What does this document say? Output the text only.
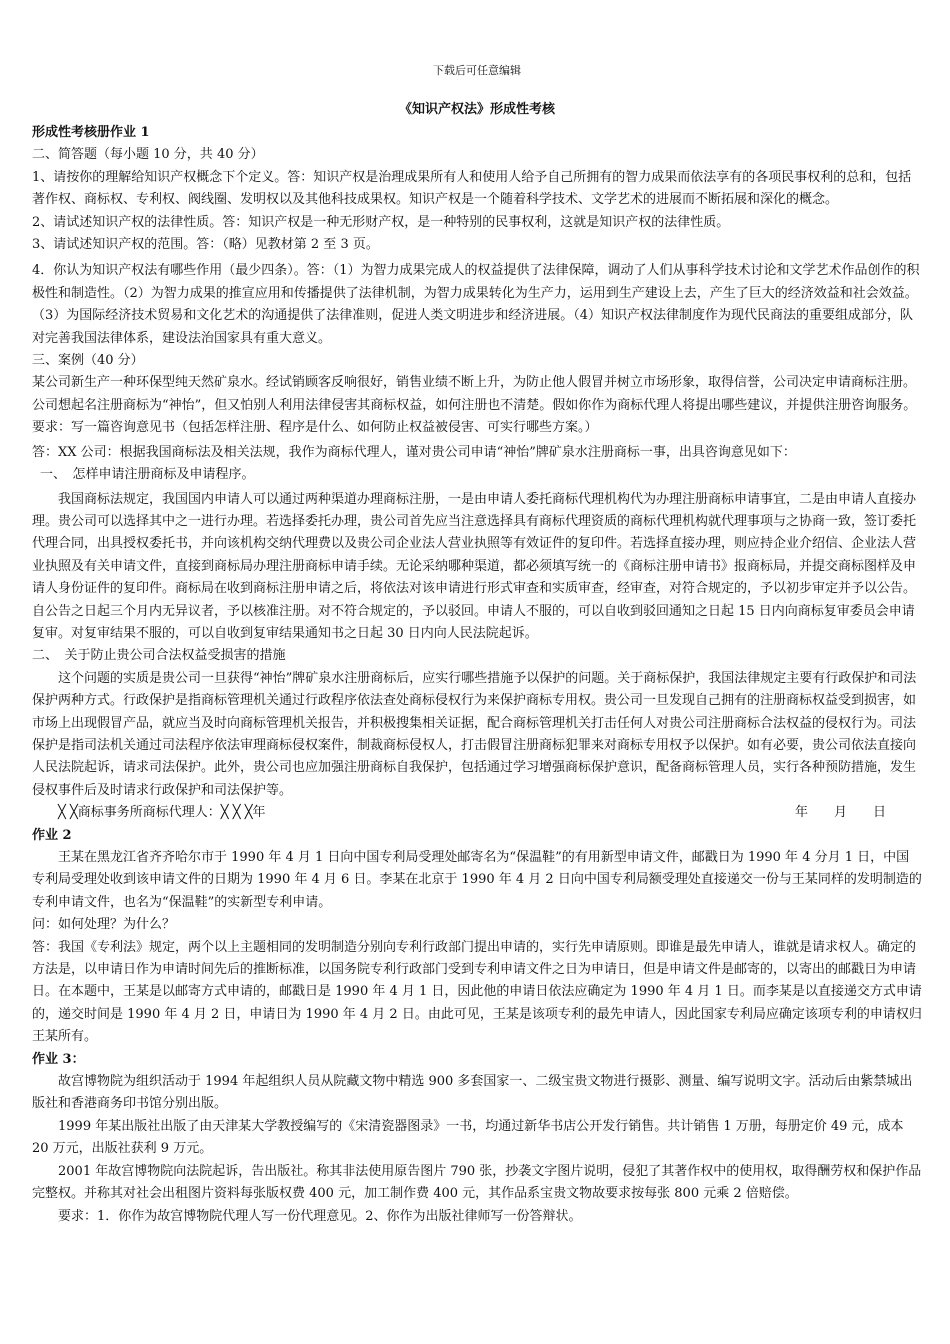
下载后可任意编辑
《知识产权法》形成性考核

形成性考核册作业 1

二、简答题（每小题 10 分，共 40 分）

1、请按你的理解给知识产权概念下个定义。答：知识产权是治理成果所有人和使用人给予自己所拥有的智力成果而依法享有的各项民事权利的总和，包括著作权、商标权、专利权、阀线圈、发明权以及其他科技成果权。知识产权是一个随着科学技术、文学艺术的进展而不断拓展和深化的概念。

2、请试述知识产权的法律性质。答：知识产权是一种无形财产权，是一种特别的民事权利，这就是知识产权的法律性质。

3、请试述知识产权的范围。答：（略）见教材第 2 至 3 页。

4．你认为知识产权法有哪些作用（最少四条）。答：（1）为智力成果完成人的权益提供了法律保障，调动了人们从事科学技术讨论和文学艺术作品创作的积极性和制造性。（2）为智力成果的推宣应用和传播提供了法律机制，为智力成果转化为生产力，运用到生产建设上去，产生了巨大的经济效益和社会效益。（3）为国际经济技术贸易和文化艺术的沟通提供了法律准则，促进人类文明进步和经济进展。（4）知识产权法律制度作为现代民商法的重要组成部分，队对完善我国法律体系，建设法治国家具有重大意义。

三、案例（40 分）

某公司新生产一种环保型纯天然矿泉水。经试销顾客反响很好，销售业绩不断上升，为防止他人假冒并树立市场形象，取得信誉，公司决定申请商标注册。公司想起名注册商标为“神怡”，但又怕别人利用法律侵害其商标权益，如何注册也不清楚。假如你作为商标代理人将提出哪些建议，并提供注册咨询服务。

要求：写一篇咨询意见书（包括怎样注册、程序是什么、如何防止权益被侵害、可实行哪些方案。）

答：XX 公司：根据我国商标法及相关法规，我作为商标代理人，谨对贵公司申请“神怡”牌矿泉水注册商标一事，出具咨询意见如下：

一、　怎样申请注册商标及申请程序。

我国商标法规定，我国国内申请人可以通过两种渠道办理商标注册，一是由申请人委托商标代理机构代为办理注册商标申请事宜，二是由申请人直接办理。贵公司可以选择其中之一进行办理。若选择委托办理，贵公司首先应当注意选择具有商标代理资质的商标代理机构就代理事项与之协商一致，签订委托代理合同，出具授权委托书，并向该机构交纳代理费以及贵公司企业法人营业执照等有效证件的复印件。若选择直接办理，则应持企业介绍信、企业法人营业执照及有关申请文件，直接到商标局办理注册商标申请手续。无论采纳哪种渠道，都必须填写统一的《商标注册申请书》报商标局，并提交商标图样及申请人身份证件的复印件。商标局在收到商标注册申请之后，将依法对该申请进行形式审查和实质审查，经审查，对符合规定的，予以初步审定并予以公告。自公告之日起三个月内无异议者，予以核准注册。对不符合规定的，予以驳回。申请人不服的，可以自收到驳回通知之日起 15 日内向商标复审委员会申请复审。对复审结果不服的，可以自收到复审结果通知书之日起 30 日内向人民法院起诉。

二、　关于防止贵公司合法权益受损害的措施

这个问题的实质是贵公司一旦获得“神怡”牌矿泉水注册商标后，应实行哪些措施予以保护的问题。关于商标保护，我国法律规定主要有行政保护和司法保护两种方式。行政保护是指商标管理机关通过行政程序依法查处商标侵权行为来保护商标专用权。贵公司一旦发现自己拥有的注册商标权益受到损害，如市场上出现假冒产品，就应当及时向商标管理机关报告，并积极搜集相关证据，配合商标管理机关打击任何人对贵公司注册商标合法权益的侵权行为。司法保护是指司法机关通过司法程序依法审理商标侵权案件，制裁商标侵权人，打击假冒注册商标犯罪来对商标专用权予以保护。如有必要，贵公司依法直接向人民法院起诉，请求司法保护。此外，贵公司也应加强注册商标自我保护，包括通过学习增强商标保护意识，配备商标管理人员，实行各种预防措施，发生侵权事件后及时请求行政保护和司法保护等。

╳ ╳商标事务所商标代理人：╳ ╳ ╳年	年　　月　　日

作业 2

王某在黑龙江省齐齐哈尔市于 1990 年 4 月 1 日向中国专利局受理处邮寄名为“保温鞋”的有用新型申请文件，邮戳日为 1990 年 4 分月 1 日，中国专利局受理处收到该申请文件的日期为 1990 年 4 月 6 日。李某在北京于 1990 年 4 月 2 日向中国专利局额受理处直接递交一份与王某同样的发明制造的专利申请文件，也名为“保温鞋”的实新型专利申请。

问：如何处理？为什么？

答：我国《专利法》规定，两个以上主题相同的发明制造分别向专利行政部门提出申请的，实行先申请原则。即谁是最先申请人，谁就是请求权人。确定的方法是，以申请日作为申请时间先后的推断标准，以国务院专利行政部门受到专利申请文件之日为申请日，但是申请文件是邮寄的，以寄出的邮戳日为申请日。在本题中，王某是以邮寄方式申请的，邮戳日是 1990 年 4 月 1 日，因此他的申请日依法应确定为 1990 年 4 月 1 日。而李某是以直接递交方式申请的，递交时间是 1990 年 4 月 2 日，申请日为 1990 年 4 月 2 日。由此可见，王某是该项专利的最先申请人，因此国家专利局应确定该项专利的申请权归王某所有。

作业 3：

故宫博物院为组织活动于 1994 年起组织人员从院藏文物中精选 900 多套国家一、二级宝贵文物进行摄影、测量、编写说明文字。活动后由紫禁城出版社和香港商务印书馆分别出版。

1999 年某出版社出版了由天津某大学教授编写的《宋清瓷器图录》一书，均通过新华书店公开发行销售。共计销售 1 万册，每册定价 49 元，成本 20 万元，出版社获利 9 万元。

2001 年故宫博物院向法院起诉，告出版社。称其非法使用原告图片 790 张，抄袭文字图片说明，侵犯了其著作权中的使用权，取得酬劳权和保护作品完整权。并称其对社会出租图片资料每张版权费 400 元，加工制作费 400 元，其作品系宝贵文物故要求按每张 800 元乘 2 倍赔偿。

要求：1．你作为故宫博物院代理人写一份代理意见。2、你作为出版社律师写一份答辩状。
